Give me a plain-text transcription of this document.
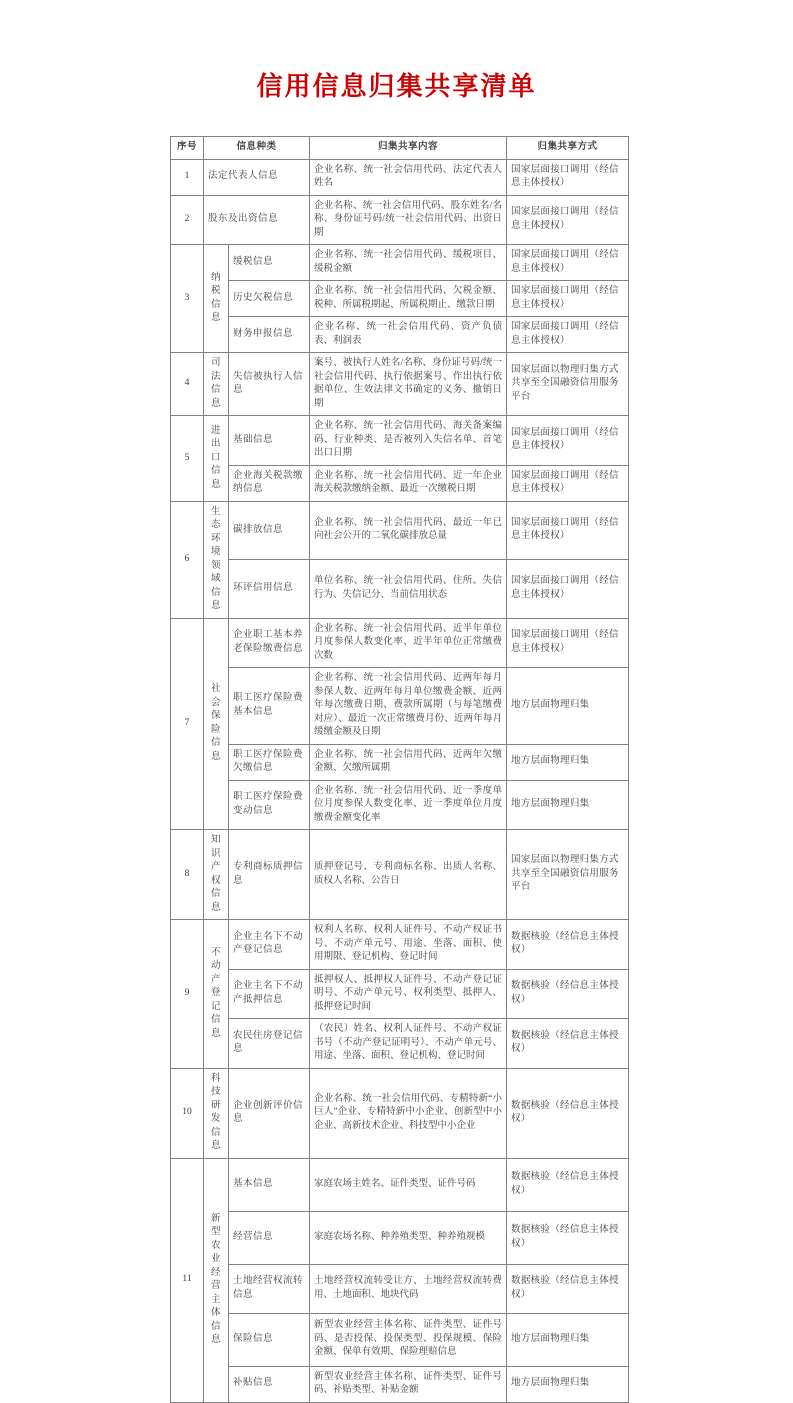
信用信息归集共享清单
序号	信息种类		归集共享内容	归集共享方式
1	法定代表人信息		企业名称、统一社会信用代码、法定代表人姓名	国家层面接口调用（经信息主体授权）
2	股东及出资信息		企业名称、统一社会信用代码、股东姓名/名称、身份证号码/统一社会信用代码、出资日期	国家层面接口调用（经信息主体授权）
3	纳税信息	缓税信息	企业名称、统一社会信用代码、缓税项目、缓税金额	国家层面接口调用（经信息主体授权）
		历史欠税信息	企业名称、统一社会信用代码、欠税金额、税种、所属税期起、所属税期止、缴款日期	国家层面接口调用（经信息主体授权）
		财务申报信息	企业名称、统一社会信用代码、资产负债表、利润表	国家层面接口调用（经信息主体授权）
4	司法信息	失信被执行人信息	案号、被执行人姓名/名称、身份证号码/统一社会信用代码、执行依据案号、作出执行依据单位、生效法律文书确定的义务、撤销日期	国家层面以物理归集方式共享至全国融资信用服务平台
5	进出口信息	基础信息	企业名称、统一社会信用代码、海关备案编码、行业种类、是否被列入失信名单、首笔出口日期	国家层面接口调用（经信息主体授权）
		企业海关税款缴纳信息	企业名称、统一社会信用代码、近一年企业海关税款缴纳金额、最近一次缴税日期	国家层面接口调用（经信息主体授权）
6	生态环境领域信息	碳排放信息	企业名称、统一社会信用代码、最近一年已向社会公开的二氧化碳排放总量	国家层面接口调用（经信息主体授权）
		环评信用信息	单位名称、统一社会信用代码、住所、失信行为、失信记分、当前信用状态	国家层面接口调用（经信息主体授权）
7	社会保险信息	企业职工基本养老保险缴费信息	企业名称、统一社会信用代码、近半年单位月度参保人数变化率、近半年单位正常缴费次数	国家层面接口调用（经信息主体授权）
		职工医疗保险费基本信息	企业名称、统一社会信用代码、近两年每月参保人数、近两年每月单位缴费金额、近两年每次缴费日期、费款所属期（与每笔缴费对应）、最近一次正常缴费月份、近两年每月缓缴金额及日期	地方层面物理归集
		职工医疗保险费欠缴信息	企业名称、统一社会信用代码、近两年欠缴金额、欠缴所属期	地方层面物理归集
		职工医疗保险费变动信息	企业名称、统一社会信用代码、近一季度单位月度参保人数变化率、近一季度单位月度缴费金额变化率	地方层面物理归集
8	知识产权信息	专利商标质押信息	质押登记号、专利商标名称、出质人名称、质权人名称、公告日	国家层面以物理归集方式共享至全国融资信用服务平台
9	不动产登记信息	企业主名下不动产登记信息	权利人名称、权利人证件号、不动产权证书号、不动产单元号、用途、坐落、面积、使用期限、登记机构、登记时间	数据核验（经信息主体授权）
		企业主名下不动产抵押信息	抵押权人、抵押权人证件号、不动产登记证明号、不动产单元号、权利类型、抵押人、抵押登记时间	数据核验（经信息主体授权）
		农民住房登记信息	（农民）姓名、权利人证件号、不动产权证书号（不动产登记证明号）、不动产单元号、用途、坐落、面积、登记机构、登记时间	数据核验（经信息主体授权）
10	科技研发信息	企业创新评价信息	企业名称、统一社会信用代码、专精特新“小巨人”企业、专精特新中小企业、创新型中小企业、高新技术企业、科技型中小企业	数据核验（经信息主体授权）
11	新型农业经营主体信息	基本信息	家庭农场主姓名、证件类型、证件号码	数据核验（经信息主体授权）
		经营信息	家庭农场名称、种养殖类型、种养殖规模	数据核验（经信息主体授权）
		土地经营权流转信息	土地经营权流转受让方、土地经营权流转费用、土地面积、地块代码	数据核验（经信息主体授权）
		保险信息	新型农业经营主体名称、证件类型、证件号码、是否投保、投保类型、投保规模、保险金额、保单有效期、保险理赔信息	地方层面物理归集
		补贴信息	新型农业经营主体名称、证件类型、证件号码、补贴类型、补贴金额	地方层面物理归集
